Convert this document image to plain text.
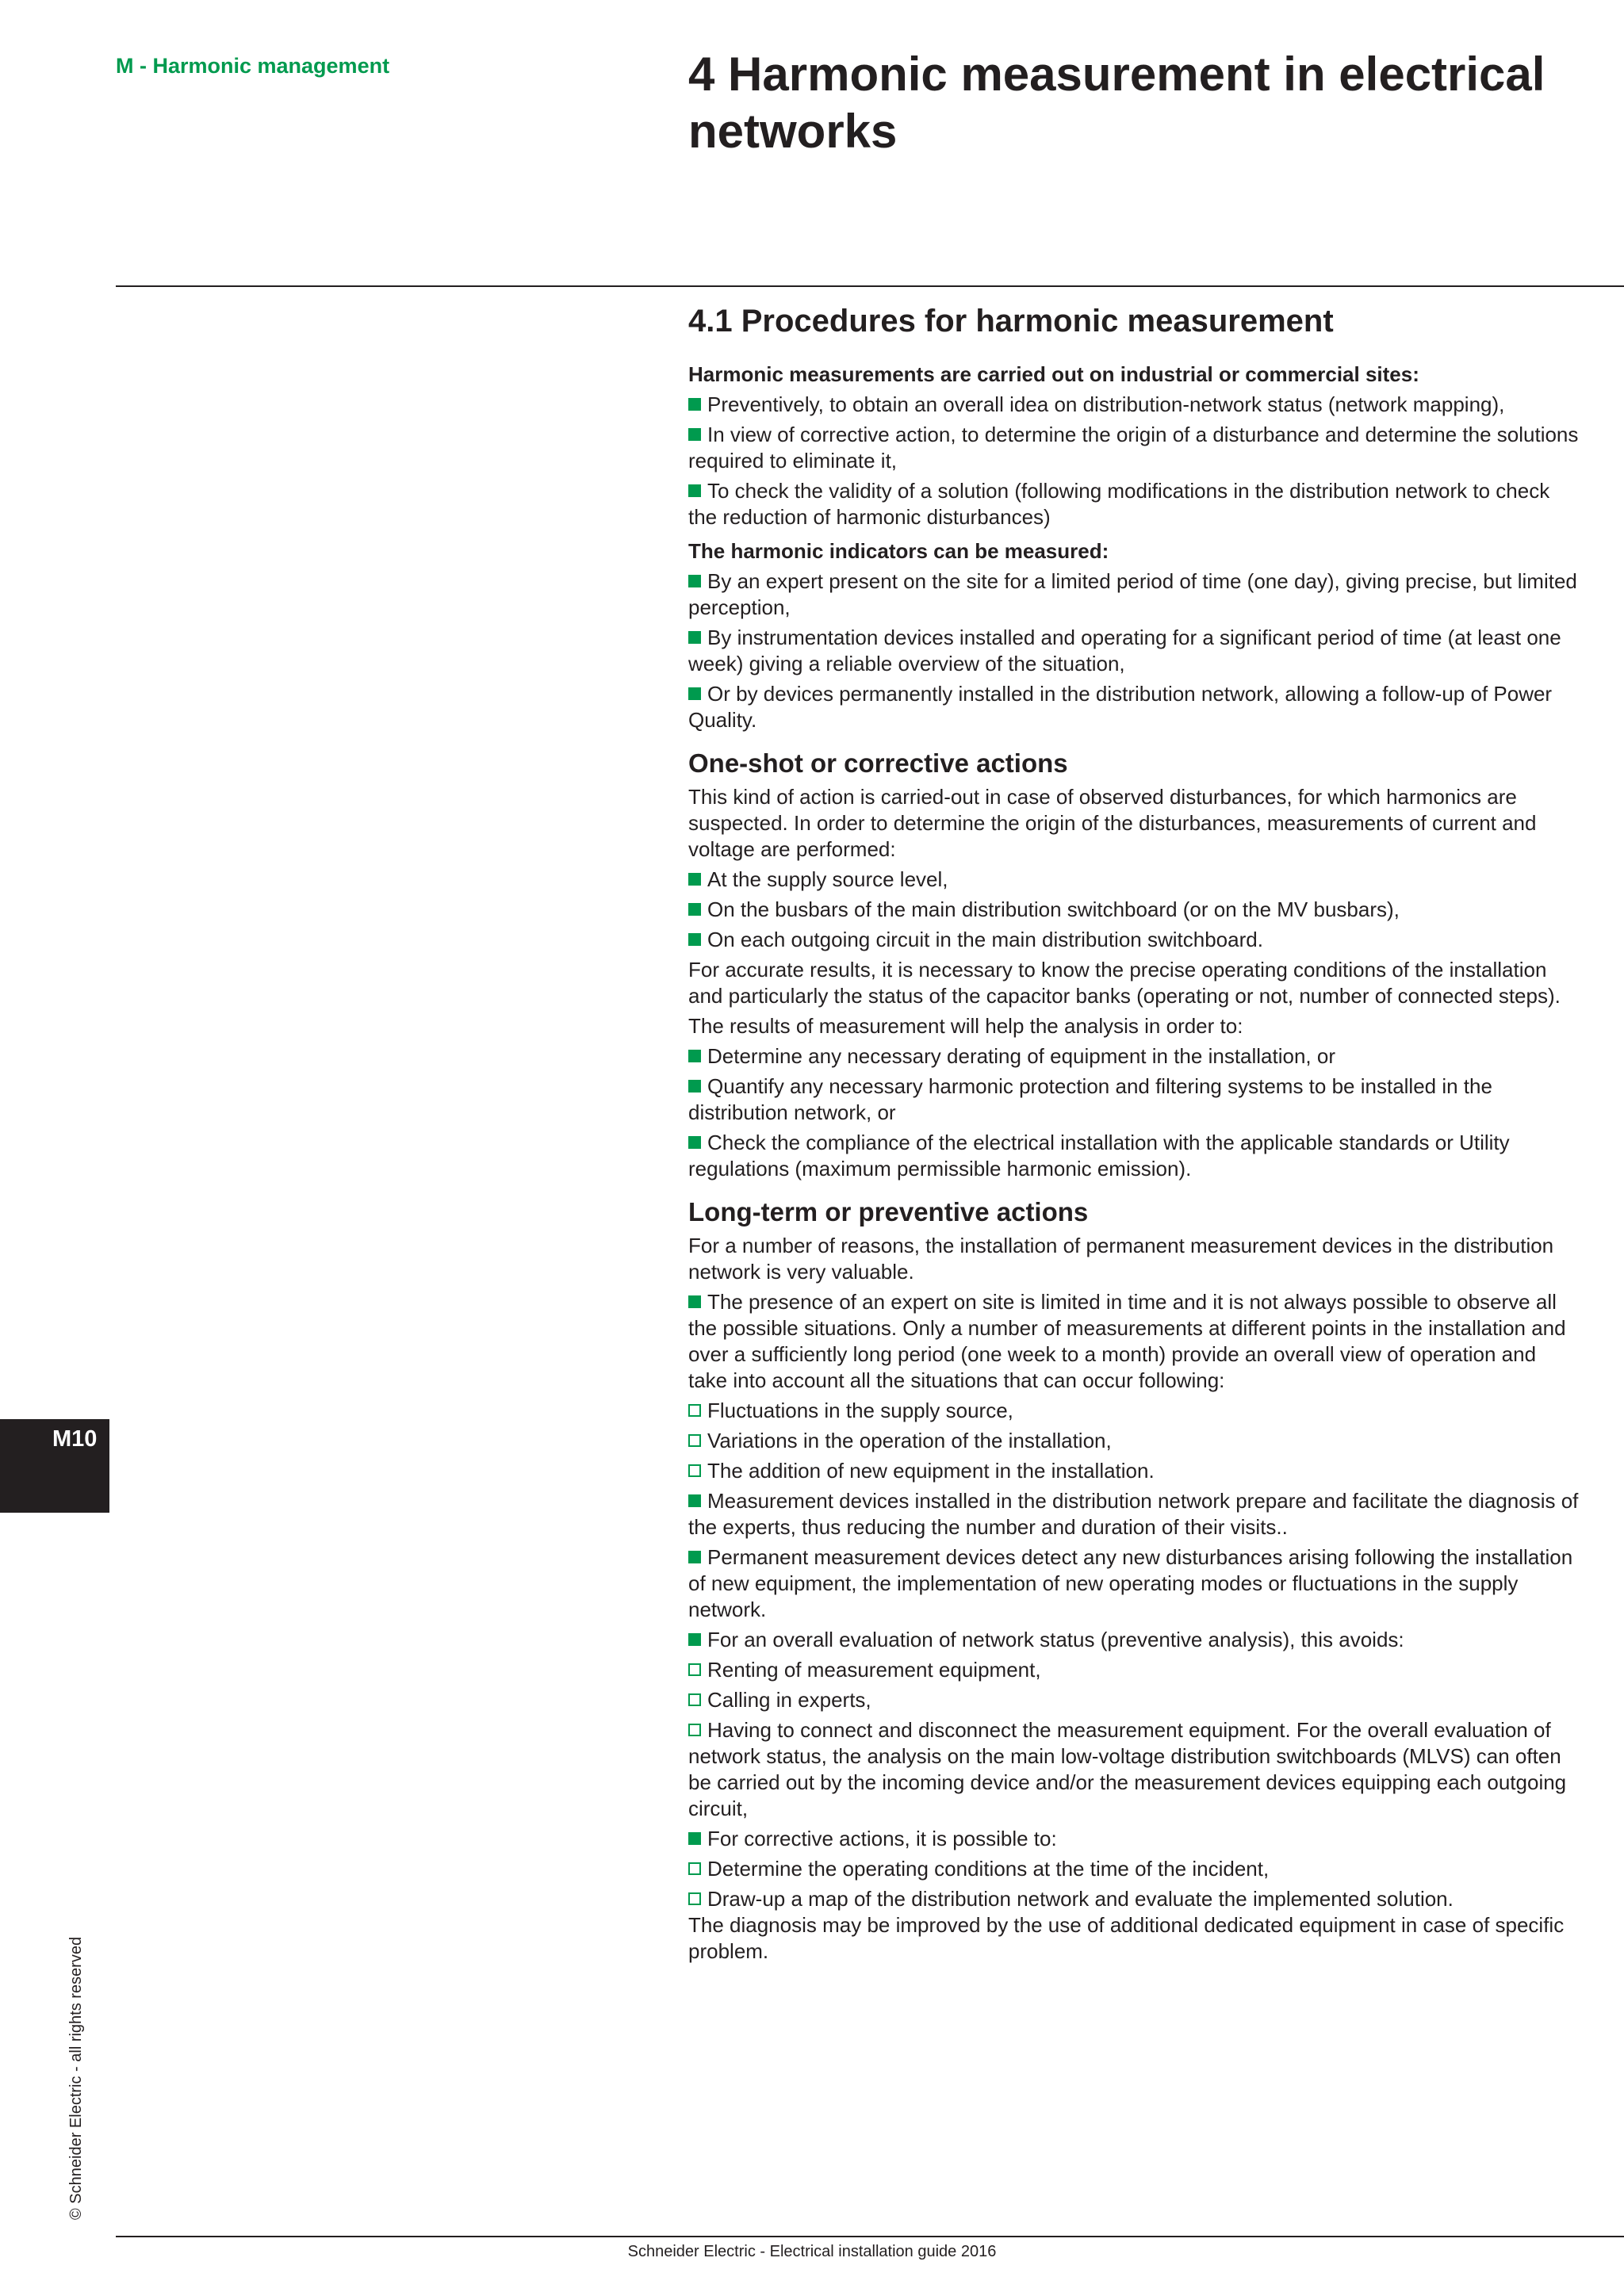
M - Harmonic management	4 Harmonic measurement in electrical networks
M10
© Schneider Electric - all rights reserved
4.1 Procedures for harmonic measurement

Harmonic measurements are carried out on industrial or commercial sites:

Preventively, to obtain an overall idea on distribution-network status (network mapping),
In view of corrective action, to determine the origin of a disturbance and determine the solutions required to eliminate it,
To check the validity of a solution (following modifications in the distribution network to check the reduction of harmonic disturbances)

The harmonic indicators can be measured:

By an expert present on the site for a limited period of time (one day), giving precise, but limited perception,
By instrumentation devices installed and operating for a significant period of time (at least one week) giving a reliable overview of the situation,
Or by devices permanently installed in the distribution network, allowing a follow-up of Power Quality.
One-shot or corrective actions

This kind of action is carried-out in case of observed disturbances, for which harmonics are suspected. In order to determine the origin of the disturbances, measurements of current and voltage are performed:

At the supply source level,
On the busbars of the main distribution switchboard (or on the MV busbars),
On each outgoing circuit in the main distribution switchboard.

For accurate results, it is necessary to know the precise operating conditions of the installation and particularly the status of the capacitor banks (operating or not, number of connected steps).

The results of measurement will help the analysis in order to:

Determine any necessary derating of equipment in the installation, or
Quantify any necessary harmonic protection and filtering systems to be installed in the distribution network, or
Check the compliance of the electrical installation with the applicable standards or Utility regulations (maximum permissible harmonic emission).
Long-term or preventive actions

For a number of reasons, the installation of permanent measurement devices in the distribution network is very valuable.

The presence of an expert on site is limited in time and it is not always possible to observe all the possible situations. Only a number of measurements at different points in the installation and over a sufficiently long period (one week to a month) provide an overall view of operation and take into account all the situations that can occur following:
Fluctuations in the supply source,
Variations in the operation of the installation,
The addition of new equipment in the installation.
Measurement devices installed in the distribution network prepare and facilitate the diagnosis of the experts, thus reducing the number and duration of their visits..
Permanent measurement devices detect any new disturbances arising following the installation of new equipment, the implementation of new operating modes or fluctuations in the supply network.
For an overall evaluation of network status (preventive analysis), this avoids:
Renting of measurement equipment,
Calling in experts,
Having to connect and disconnect the measurement equipment. For the overall evaluation of network status, the analysis on the main low-voltage distribution switchboards (MLVS) can often be carried out by the incoming device and/or the measurement devices equipping each outgoing circuit,
For corrective actions, it is possible to:
Determine the operating conditions at the time of the incident,
Draw-up a map of the distribution network and evaluate the implemented solution.

The diagnosis may be improved by the use of additional dedicated equipment in case of specific problem.

Schneider Electric - Electrical installation guide 2016
